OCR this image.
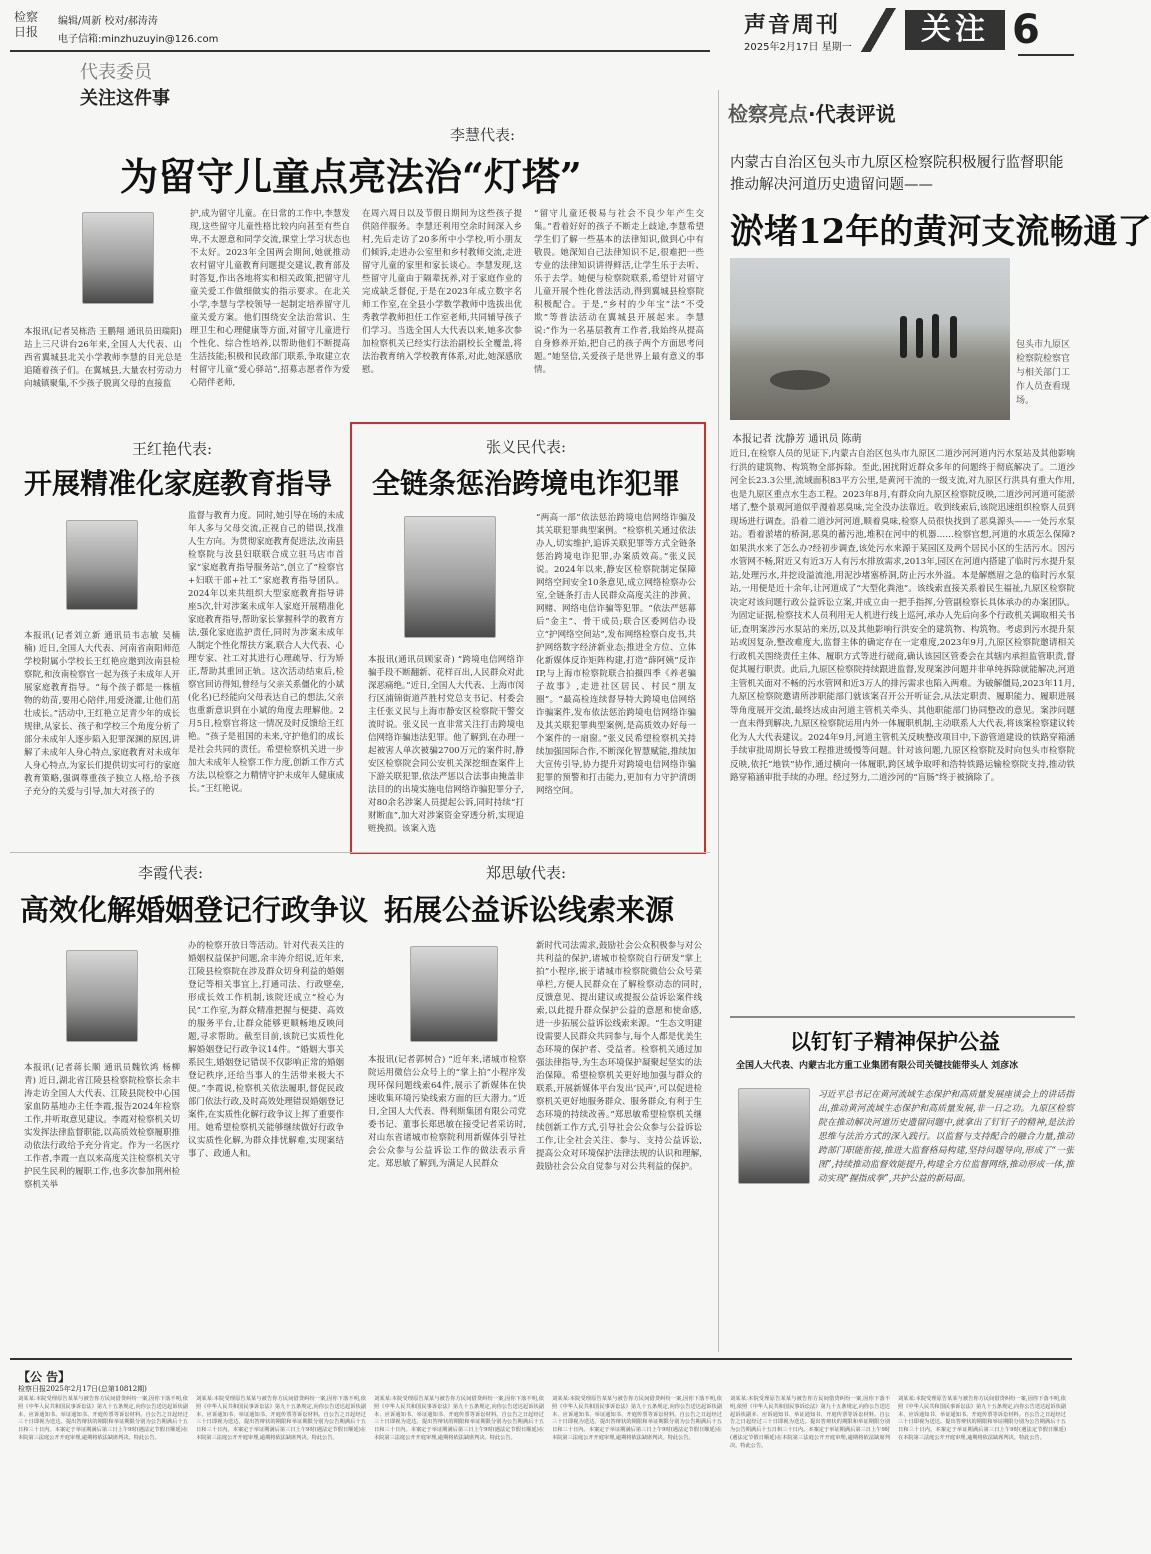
检察日报
编辑/周新 校对/郝涛涛
电子信箱:minzhuzuyin@126.com
声音周刊
2025年2月17日 星期一
关注 6
代表委员
关注这件事
李慧代表:
为留守儿童点亮法治“灯塔”
本报讯(记者吴栋浩 王鹏翔 通讯员田瑞阳) 站上三尺讲台26年来,全国人大代表、山西省翼城县北关小学教师李慧的目光总是追随着孩子们。在翼城县,大量农村劳动力向城镇聚集,不少孩子脱离父母的直接监
护,成为留守儿童。在日常的工作中,李慧发现,这些留守儿童性格比较内向甚至有些自卑,不太愿意和同学交流,课堂上学习状态也不太好。2023年全国两会期间,她就推动农村留守儿童教育问题提交建议,教育部及时答复,作出各地将实和相关政策,把留守儿童关爱工作做细做实的指示要求。在北关小学,李慧与学校领导一起制定培养留守儿童关爱方案。他们围绕安全法治常识、生理卫生和心理健康等方面,对留守儿童进行个性化、综合性培养,以帮助他们不断提高生活技能;积极和民政部门联系,争取建立农村留守儿童“爱心驿站”,招募志愿者作为爱心陪伴老师,
在周六周日以及节假日期间为这些孩子提供陪伴服务。李慧还利用空余时间深入乡村,先后走访了20多所中小学校,听小朋友们倾诉,走进办公室里和乡村教师交流,走进留守儿童的家里和家长谈心。李慧发现,这些留守儿童由于隔辈抚养,对于家庭作业的完成缺乏督促,于是在2023年成立数字名师工作室,在全县小学数学教师中选拔出优秀教学教师担任工作室老师,共同辅导孩子们学习。当选全国人大代表以来,她多次参加检察机关已经实行法治副校长全覆盖,将法治教育纳入学校教育体系,对此,她深感欣慰。
“留守儿童还极易与社会不良少年产生交集。”看着好好的孩子不断走上歧途,李慧希望学生们了解一些基本的法律知识,做到心中有敬畏。她深知自己法律知识不足,很难把一些专业的法律知识讲得鲜活,让学生乐于去听、乐于去学。她便与检察院联系,希望针对留守儿童开展个性化普法活动,得到翼城县检察院积极配合。于是,“乡村的少年宝”法“不受欺”等普法活动在翼城县开展起来。李慧说:“作为一名基层教育工作者,我始终从提高自身修养开始,把自己的孩子两个方面思考问题。”她坚信,关爱孩子是世界上最有意义的事情。
王红艳代表:
开展精准化家庭教育指导
本报讯(记者刘立新 通讯员韦志敏 吴楠楠) 近日,全国人大代表、河南省南阳师范学校附属小学校长王红艳应邀到汝南县检察院,和汝南检察官一起为孩子未成年人开展家庭教育指导。“每个孩子都是一株植物的幼苗,要用心陪伴,用爱浇灌,让他们茁壮成长。”活动中,王红艳立足青少年的成长规律,从家长、孩子和学校三个角度分析了部分未成年人逐步陷入犯罪深渊的原因,讲解了未成年人身心特点,家庭教育对未成年人身心特点,为家长们提供切实可行的家庭教育策略,强调尊重孩子独立人格,给予孩子充分的关爱与引导,加大对孩子的
监督与教育力度。同时,她引导在场的未成年人多与父母交流,正视自己的错误,找准人生方向。为贯彻家庭教育促进法,汝南县检察院与汝县妇联联合成立驻马店市首家“家庭教育指导服务站”,创立了“检察官+妇联干部+社工”家庭教育指导团队。2024年以来共组织大型家庭教育指导讲座5次,针对涉案未成年人家庭开展精准化家庭教育指导,帮助家长掌握科学的教育方法,强化家庭监护责任,同时为涉案未成年人制定个性化帮扶方案,联合人大代表、心理专家、社工对其进行心理疏导、行为矫正,帮助其重回正轨。这次活动结束后,检察官回访得知,曾经与父亲关系僵化的小斌(化名)已经能向父母表达自己的想法,父亲也重新意识到在小斌的角度去理解他。2月5日,检察官将这一情况及时反馈给王红艳。“孩子是祖国的未来,守护他们的成长是社会共同的责任。希望检察机关进一步加大未成年人检察工作力度,创新工作方式方法,以检察之力精情守护未成年人健康成长。”王红艳说。
张义民代表:
全链条惩治跨境电诈犯罪
本报讯(通讯员顾家奇) “跨境电信网络诈骗手段不断翻新、花样百出,人民群众对此深恶痛绝。”近日,全国人大代表、上海市闵行区浦锦街道芦胜村党总支书记、村委会主任张义民与上海市静安区检察院干警交流时说。张义民一直非常关注打击跨境电信网络诈骗违法犯罪。他了解到,在办理一起被害人单次被骗2700万元的案件时,静安区检察院会同公安机关深挖细查案件上下游关联犯罪,依法严惩以合法事由掩盖非法目的的出境实施电信网络诈骗犯罪分子,对80余名涉案人员提起公诉,同时持续“打财断血”,加大对涉案资金穿透分析,实现追赃挽损。该案入选
“两高一部”依法惩治跨境电信网络诈骗及其关联犯罪典型案例。“检察机关通过依法办人,切实维护,追诉关联犯罪等方式全链条惩治跨境电诈犯罪,办案质效高。”张义民说。2024年以来,静安区检察院制定保障网络空间安全10条意见,成立网络检察办公室,全链条打击人民群众高度关注的涉黄、网赌、网络电信诈骗等犯罪。“依法严惩幕后“金主”、骨干成员;联合区委网信办设立“护网络空间站”,发布网络检察白皮书,共护网络数字经济新业态;推进全方位、立体化新媒体反诈矩阵构建,打造“薛阿姨”反诈IP,与上海市检察院联合拍摄四季《养老骗子故事》,走进社区居民、村民“朋友圈”。“最高检连续督导特大跨境电信网络诈骗案件,发布依法惩治跨境电信网络诈骗及其关联犯罪典型案例,是高质效办好每一个案件的一扇窗。”张义民希望检察机关持续加强国际合作,不断深化智慧赋能,推续加大宣传引导,协力提升对跨境电信网络诈骗犯罪的预警和打击能力,更加有力守护清朗网络空间。
李霞代表:
高效化解婚姻登记行政争议
本报讯(记者蒋长顺 通讯员魏钦鸿 杨柳青) 近日,湖北省江陵县检察院检察长余丰涛走访全国人大代表、江陵县院校中心国家血防基地办主任李霞,报告2024年检察工作,并听取意见建议。李霞对检察机关切实发挥法律监督职能,以高质效检察履职推动依法行政给予充分肯定。作为一名医疗工作者,李霞一直以来高度关注检察机关守护民生民利的履职工作,也多次参加荆州检察机关举
办的检察开放日等活动。针对代表关注的婚姻权益保护问题,余丰涛介绍说,近年来,江陵县检察院在涉及群众切身利益的婚姻登记等相关事宜上,打通司法、行政壁垒,形成长效工作机制,该院还成立“检心为民”工作室,为群众精准把握与便捷、高效的服务平台,让群众能够更顺畅地反映问题,寻求帮助。截至目前,该院已实质性化解婚姻登记行政争议14件。“婚姻大事关系民生,婚姻登记错误不仅影响正常的婚姻登记秩序,还给当事人的生活带来极大不便。”李霞说,检察机关依法履职,督促民政部门依法行政,及时高效处理错误婚姻登记案件,在实质性化解行政争议上挥了重要作用。她希望检察机关能够继续做好行政争议实质性化解,为群众排忧解难,实现案结事了、政通人和。
郑思敏代表:
拓展公益诉讼线索来源
本报讯(记者郭树合) “近年来,诸城市检察院运用微信公众号上的“掌上拍”小程序发现环保问题线索64件,展示了新媒体在快速收集环境污染线索方面的巨大潜力。”近日,全国人大代表、得利斯集团有限公司党委书记、董事长郑思敏在接受记者采访时,对山东省诸城市检察院利用新媒体引导社会公众参与公益诉讼工作的做法表示肯定。郑思敏了解到,为满足人民群众
新时代司法需求,鼓励社会公众积极参与对公共利益的保护,诸城市检察院自行研发“掌上拍”小程序,嵌于诸城市检察院微信公众号菜单栏,方便人民群众在了解检察动态的同时,反馈意见、提出建议或提报公益诉讼案件线索,以此提升群众保护公益的意愿和使命感,进一步拓展公益诉讼线索来源。“生态文明建设需要人民群众共同参与,每个人都是优美生态环境的保护者、受益者。检察机关通过加强法律指导,为生态环境保护凝聚起坚实的法治保障。希望检察机关更好地加强与群众的联系,开展新媒体平台发出‘民声’,可以促进检察机关更好地服务群众、服务群众,有利于生态环境的持续改善。”郑思敏希望检察机关继续创新工作方式,引导社会公众参与公益诉讼工作,让全社会关注、参与、支持公益诉讼,提高公众对环境保护法律法规的认识和理解,鼓励社会公众自觉参与对公共利益的保护。
检察亮点·代表评说
内蒙古自治区包头市九原区检察院积极履行监督职能推动解决河道历史遗留问题——
淤堵12年的黄河支流畅通了
包头市九原区检察院检察官与相关部门工作人员查看现场。
本报记者 沈静芳 通讯员 陈萌
近日,在检察人员的见证下,内蒙古自治区包头市九原区二道沙河河道内污水泵站及其他影响行洪的建筑物、构筑物全部拆除。至此,困扰附近群众多年的问题终于彻底解决了。二道沙河全长23.3公里,流域面积83平方公里,是黄河干流的一级支流,对九原区行洪具有重大作用,也是九原区重点水生态工程。2023年8月,有群众向九原区检察院反映,二道沙河河道可能淤堵了,整个景观河道似乎漫着恶臭味,完全没办法靠近。收到线索后,该院迅速组织检察人员到现场进行调查。沿着二道沙河河道,顺着臭味,检察人员很快找到了恶臭源头——一处污水泵站。看着淤堵的桥洞,恶臭的蓄污池,堆积在河中的机器……检察官想,河道的水质怎么保障?如果洪水来了怎么办?经初步调查,该处污水来源于某园区及两个居民小区的生活污水。因污水管网不畅,附近又有近3万人有污水排放需求,2013年,园区在河道内搭建了临时污水提升泵站,处理污水,并挖设溢流池,用泥沙堵塞桥洞,防止污水外溢。本是解燃眉之急的临时污水泵站,一用便是近十余年,让河道成了“大型化粪池”。该线索直接关系着民生福祉,九原区检察院决定对该问题行政公益诉讼立案,并成立由一把手指挥,分管副检察长具体承办的办案团队。为固定证据,检察技术人员利用无人机进行线上巡河,承办人先后向多个行政机关调取相关书证,查明案涉污水泵站的来历,以及其他影响行洪安全的建筑物、构筑物。考虑到污水提升泵站或因复杂,整改难度大,监督主体的确定存在一定难度,2023年9月,九原区检察院邀请相关行政机关围绕责任主体、履职方式等进行磋商,确认该园区管委会在其辖内承担监管职责,督促其履行职责。此后,九原区检察院持续跟进监督,发现案涉问题并非单纯拆除就能解决,河道主管机关面对不畅的污水管网和近3万人的排污需求也陷入两难。为破解僵局,2023年11月,九原区检察院邀请所涉职能部门就该案召开公开听证会,从法定职责、履职能力、履职进展等角度展开交流,最终达成由河道主管机关牵头、其他职能部门协同整改的意见。案涉问题一直未得到解决,九原区检察院运用内外一体履职机制,主动联系人大代表,将该案检察建议转化为人大代表建议。2024年9月,河道主管机关反映整改项目中,下游管道建设的铁路穿箱涵手续审批周期长导致工程推进缓慢等问题。针对该问题,九原区检察院及时向包头市检察院反映,依托“地铁”协作,通过横向一体履职,跨区域争取呼和浩特铁路运输检察院支持,推动铁路穿箱涵审批手续的办理。经过努力,二道沙河的“盲肠”终于被摘除了。
以钉钉子精神保护公益
全国人大代表、内蒙古北方重工业集团有限公司关键技能带头人 刘彦冰
习近平总书记在黄河流域生态保护和高质量发展座谈会上的讲话指出,推动黄河流域生态保护和高质量发展,非一日之功。九原区检察院在推动解决河道历史遗留问题中,就拿出了钉钉子的精神,是法治思维与法治方式的深入践行。以监督与支持配合的融合力量,推动跨部门职能衔接,推进大监督格局构建,坚持问题导向,形成了“一张图”,持续推动监督效能提升,构建全方位监督网络,推动形成一体,推动实现“握指成拳”,共护公益的新局面。
【公 告】
检察日报2025年2月17日(总第10812期)
刘某某:本院受理原告某某与被告你方民间借贷纠纷一案,因你下落不明,依照《中华人民共和国民事诉讼法》第九十五条规定,向你公告送达起诉状副本、应诉通知书、举证通知书、开庭传票等诉讼材料。自公告之日起经过三十日即视为送达。提出答辩状的期限和举证期限分别为公告期满后十五日和三十日内。本案定于举证期满后第三日上午9时(遇法定节假日顺延)在本院第三法庭公开开庭审理,逾期将依法缺席判决。特此公告。
刘某某:本院受理原告某某与被告你方民间借贷纠纷一案,因你下落不明,依照《中华人民共和国民事诉讼法》第九十五条规定,向你公告送达起诉状副本、应诉通知书、举证通知书、开庭传票等诉讼材料。自公告之日起经过三十日即视为送达。提出答辩状的期限和举证期限分别为公告期满后十五日和三十日内。本案定于举证期满后第三日上午9时(遇法定节假日顺延)在本院第三法庭公开开庭审理,逾期将依法缺席判决。特此公告。
刘某某:本院受理原告某某与被告你方民间借贷纠纷一案,因你下落不明,依照《中华人民共和国民事诉讼法》第九十五条规定,向你公告送达起诉状副本、应诉通知书、举证通知书、开庭传票等诉讼材料。自公告之日起经过三十日即视为送达。提出答辩状的期限和举证期限分别为公告期满后十五日和三十日内。本案定于举证期满后第三日上午9时(遇法定节假日顺延)在本院第三法庭公开开庭审理,逾期将依法缺席判决。特此公告。
刘某某:本院受理原告某某与被告你方民间借贷纠纷一案,因你下落不明,依照《中华人民共和国民事诉讼法》第九十五条规定,向你公告送达起诉状副本、应诉通知书、举证通知书、开庭传票等诉讼材料。自公告之日起经过三十日即视为送达。提出答辩状的期限和举证期限分别为公告期满后十五日和三十日内。本案定于举证期满后第三日上午9时(遇法定节假日顺延)在本院第三法庭公开开庭审理,逾期将依法缺席判决。特此公告。
刘某某:本院受理原告某某与被告你方民间借贷纠纷一案,因你下落不明,依照《中华人民共和国民事诉讼法》第九十五条规定,向你公告送达起诉状副本、应诉通知书、举证通知书、开庭传票等诉讼材料。自公告之日起经过三十日即视为送达。提出答辩状的期限和举证期限分别为公告期满后十五日和三十日内。本案定于举证期满后第三日上午9时(遇法定节假日顺延)在本院第三法庭公开开庭审理,逾期将依法缺席判决。特此公告。
刘某某:本院受理原告某某与被告你方民间借贷纠纷一案,因你下落不明,依照《中华人民共和国民事诉讼法》第九十五条规定,向你公告送达起诉状副本、应诉通知书、举证通知书、开庭传票等诉讼材料。自公告之日起经过三十日即视为送达。提出答辩状的期限和举证期限分别为公告期满后十五日和三十日内。本案定于举证期满后第三日上午9时(遇法定节假日顺延)在本院第三法庭公开开庭审理,逾期将依法缺席判决。特此公告。
